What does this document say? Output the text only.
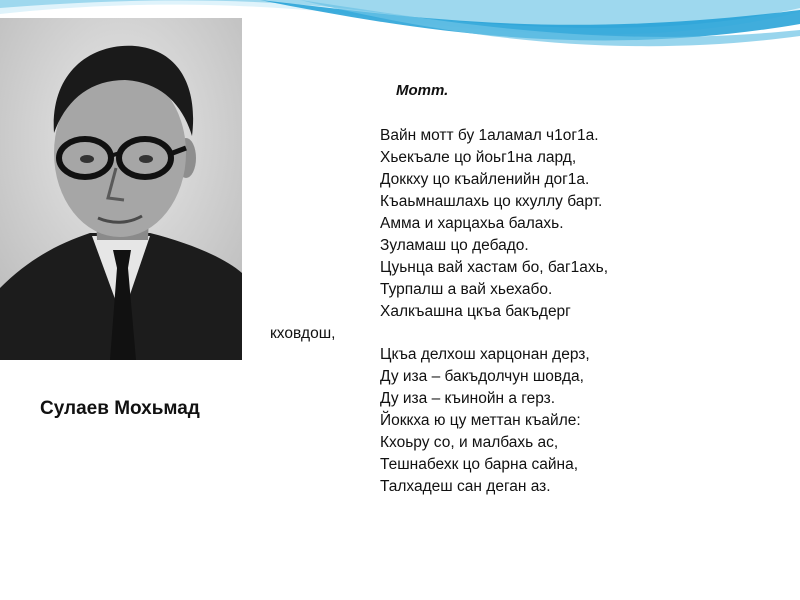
Сулаев Мохьмад
Мотт.
Вайн мотт бу 1аламал ч1ог1а.
Хьекъале цо йоьг1на лард,
Доккху цо къайленийн дог1а.
Къаьмнашлахь цо кхуллу барт.
Амма и харцахьа балахь.
Зуламаш цо дебадо.
Цуьнца вай хастам бо, баг1ахь,
Турпалш а вай хьехабо.
Халкъашна цкъа бакъдерг
кховдош,
Цкъа делхош харцонан дерз,
Ду иза – бакъдолчун шовда,
Ду иза – къинойн а герз.
Йоккха ю цу меттан къайле:
Кхоьру со, и малбахь ас,
Тешнабехк цо барна сайна,
Талхадеш сан деган аз.
